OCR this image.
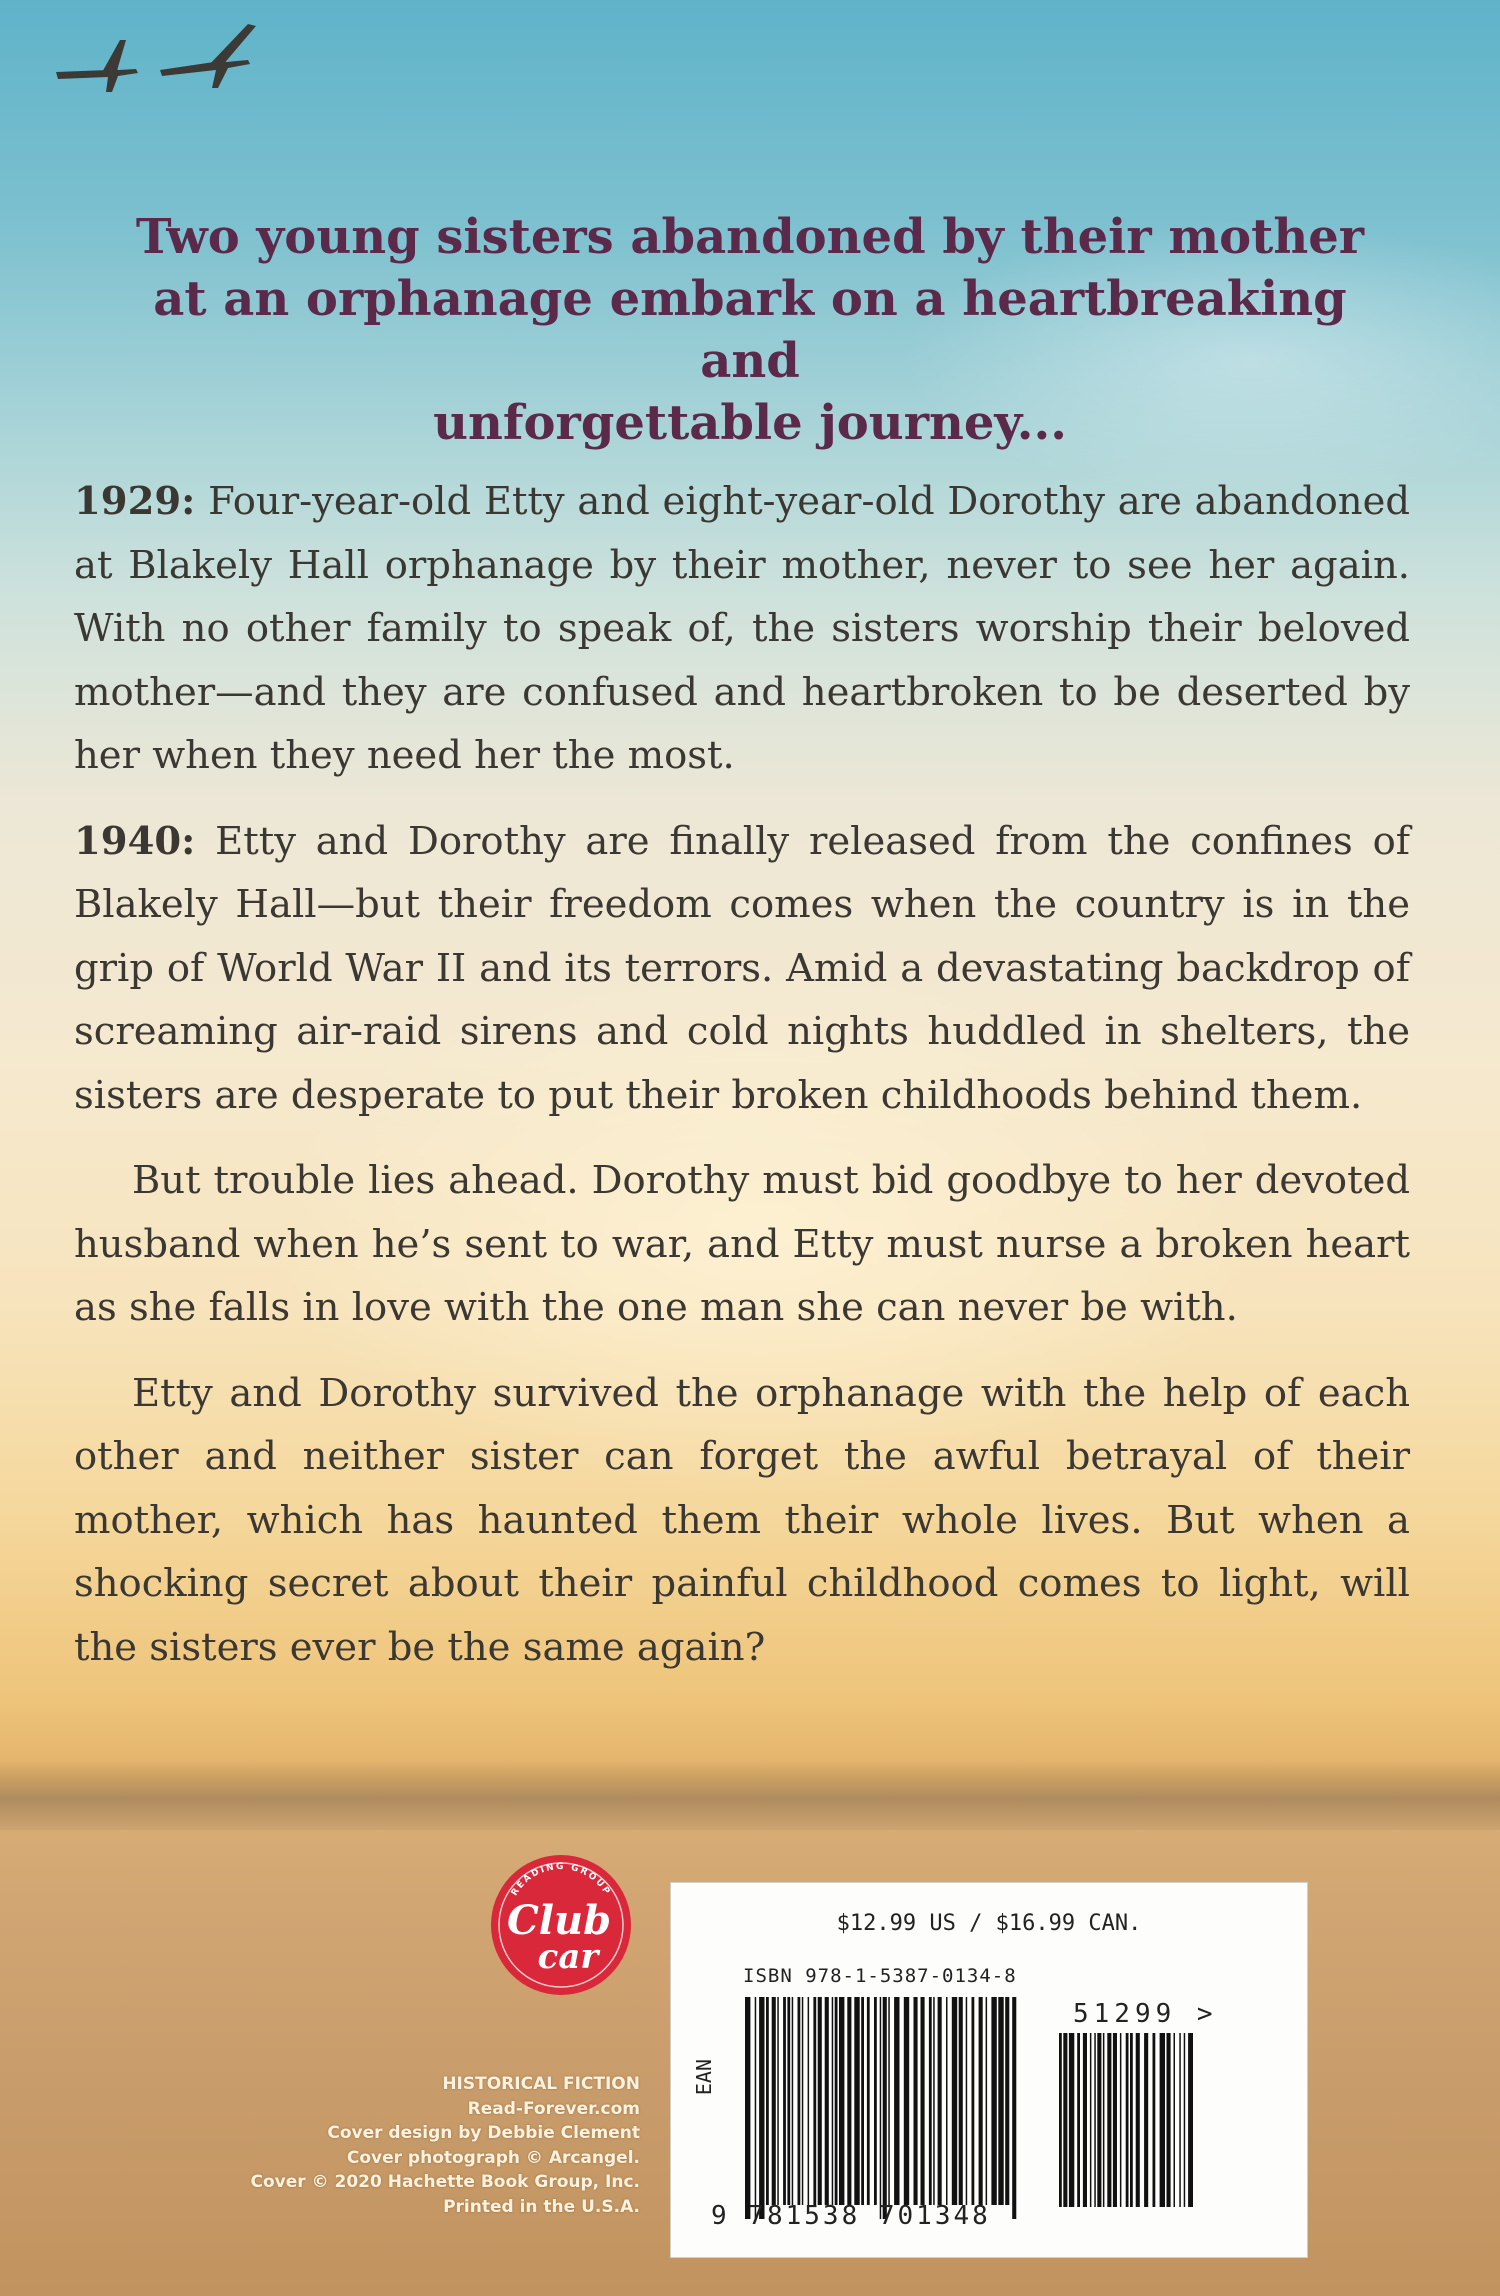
Two young sisters abandoned by their mother
at an orphanage embark on a heartbreaking and
unforgettable journey...

1929: Four-year-old Etty and eight-year-old Dorothy are abandoned at Blakely Hall orphanage by their mother, never to see her again. With no other family to speak of, the sisters worship their beloved mother—and they are confused and heartbroken to be deserted by her when they need her the most.

1940: Etty and Dorothy are finally released from the confines of Blakely Hall—but their freedom comes when the country is in the grip of World War II and its terrors. Amid a devastating backdrop of screaming air-raid sirens and cold nights huddled in shelters, the sisters are desperate to put their broken childhoods behind them.

But trouble lies ahead. Dorothy must bid goodbye to her devoted husband when he’s sent to war, and Etty must nurse a broken heart as she falls in love with the one man she can never be with.

Etty and Dorothy survived the orphanage with the help of each other and neither sister can forget the awful betrayal of their mother, which has haunted them their whole lives. But when a shocking secret about their painful childhood comes to light, will the sisters ever be the same again?

READING GROUP
Club
car
HISTORICAL FICTION
Read-Forever.com
Cover design by Debbie Clement
Cover photograph © Arcangel.
Cover © 2020 Hachette Book Group, Inc.
Printed in the U.S.A.
$12.99 US / $16.99 CAN.
ISBN 978-1-5387-0134-8
51299 >
EAN
9 781538 701348
